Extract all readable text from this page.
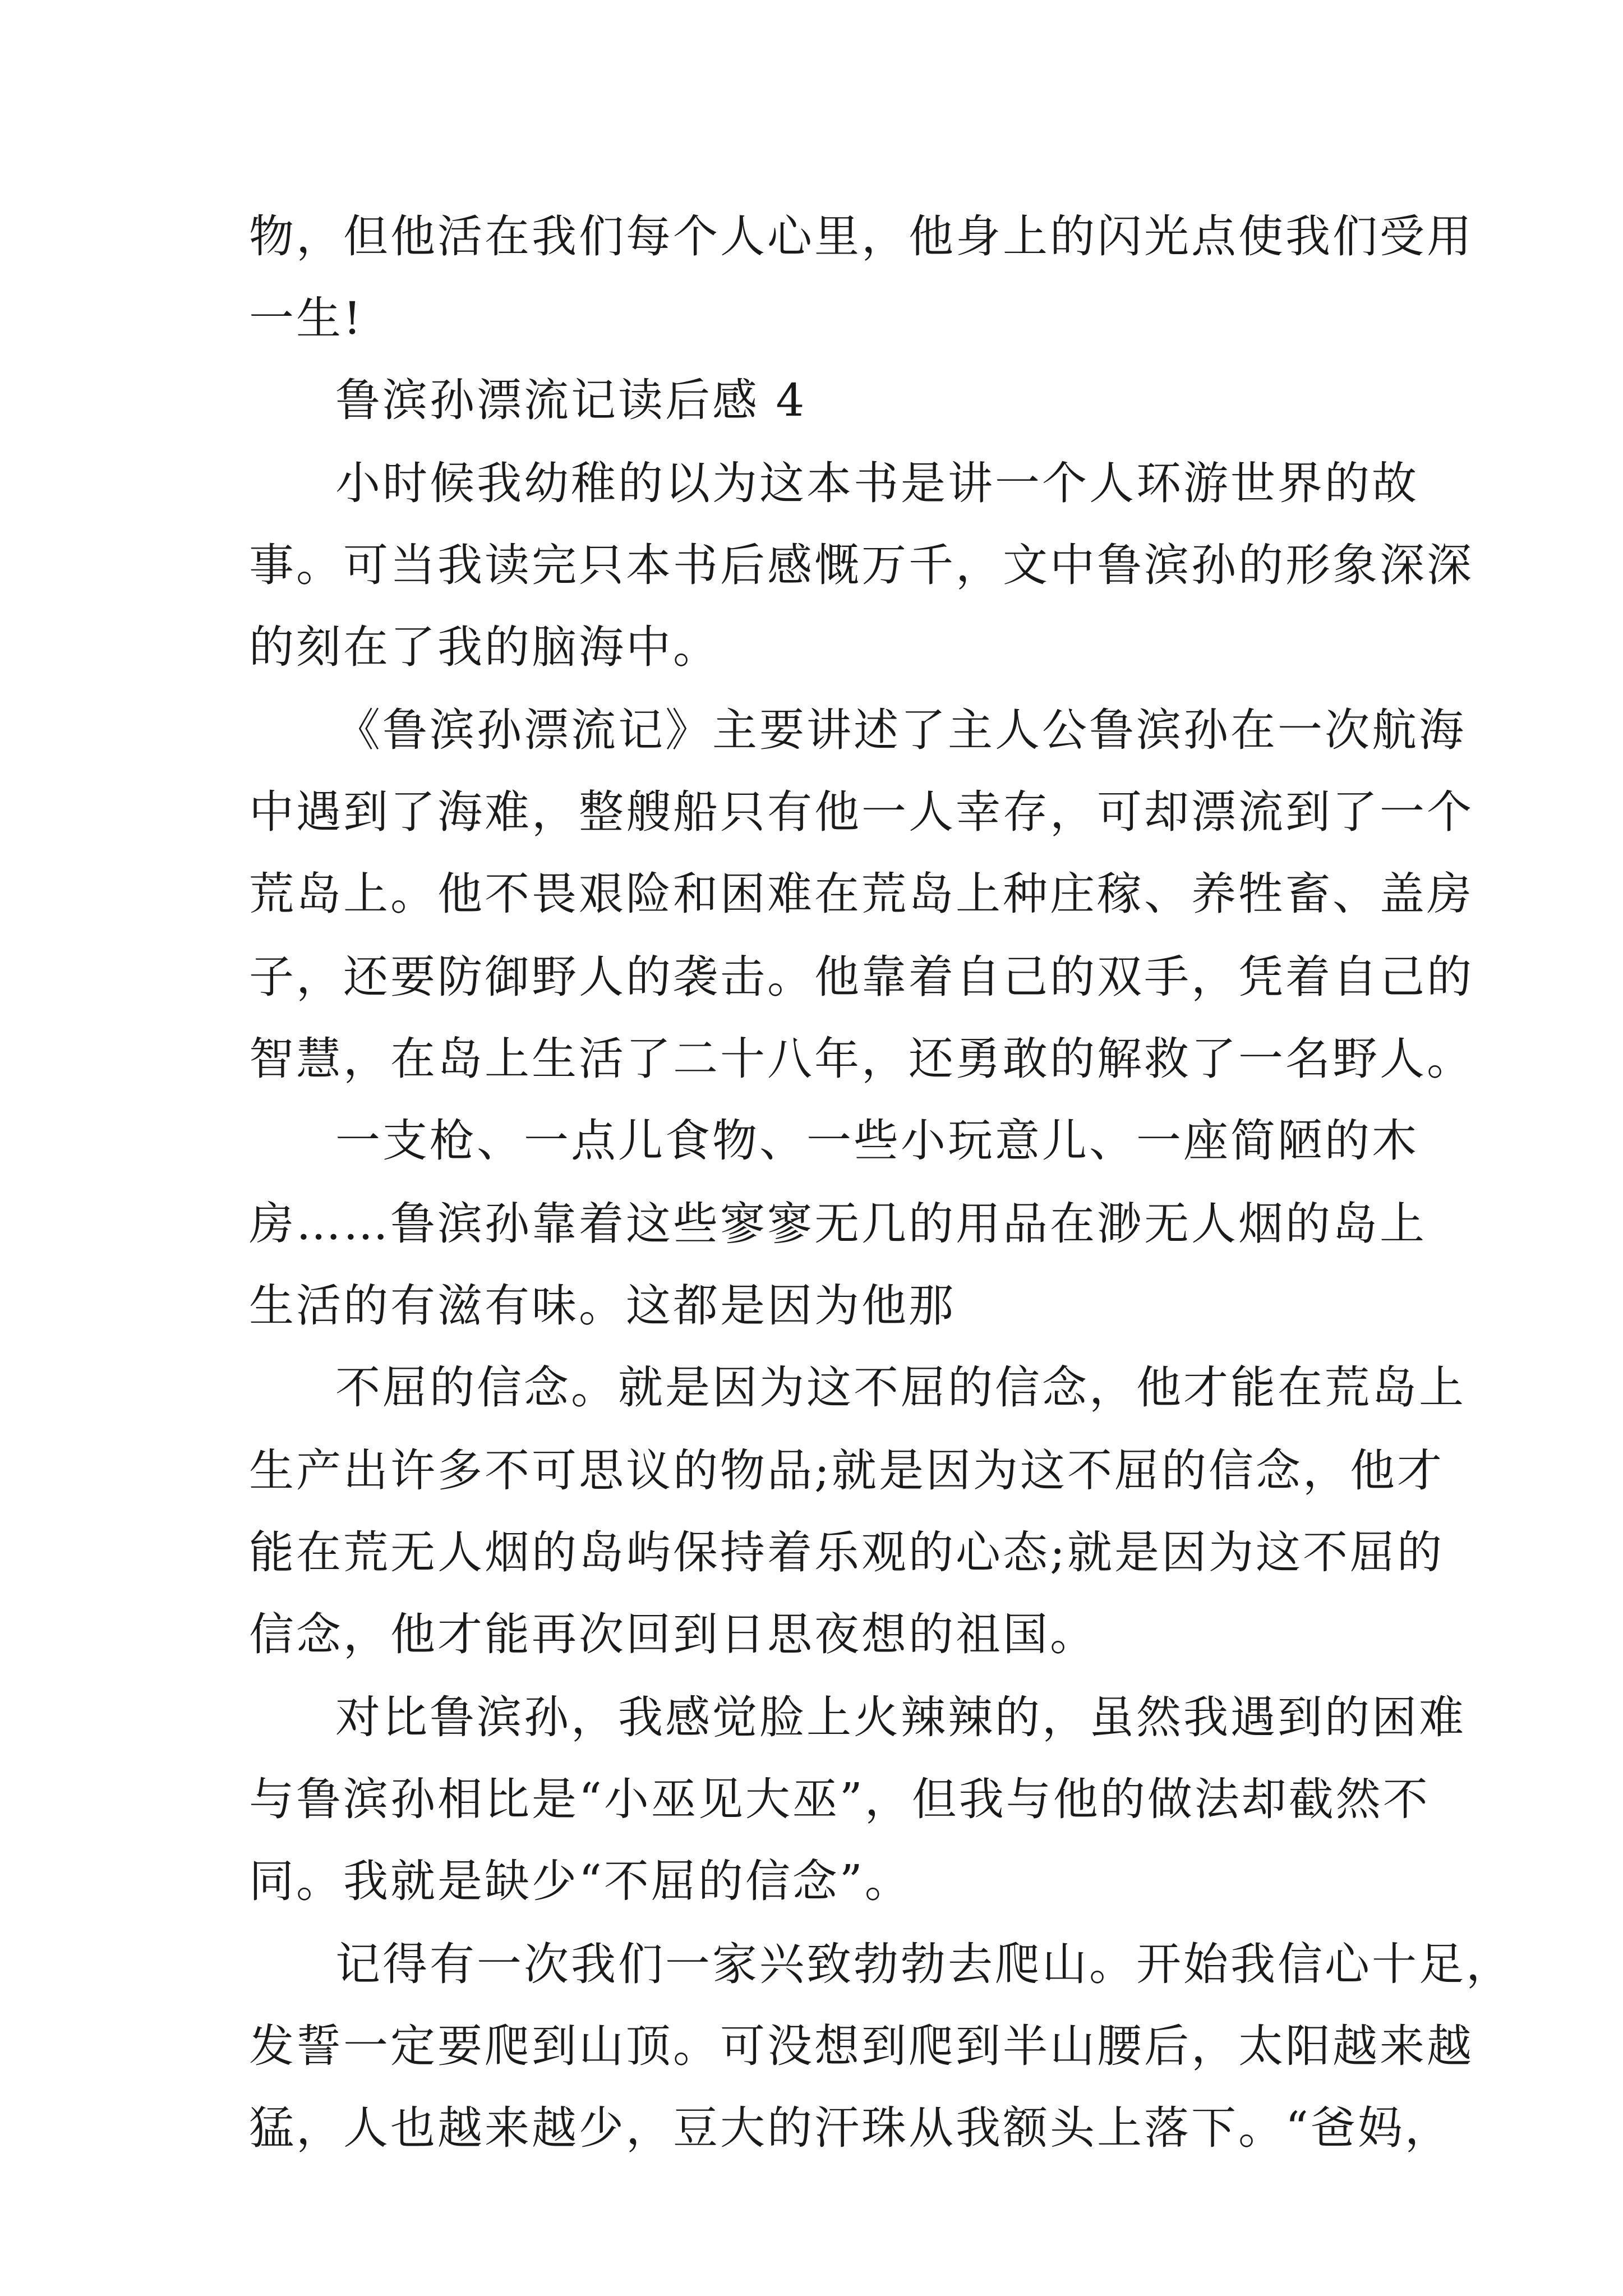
物，但他活在我们每个人心里，他身上的闪光点使我们受用
一生!
鲁滨孙漂流记读后感 4
小时候我幼稚的以为这本书是讲一个人环游世界的故
事。可当我读完只本书后感慨万千，文中鲁滨孙的形象深深
的刻在了我的脑海中。
《鲁滨孙漂流记》主要讲述了主人公鲁滨孙在一次航海
中遇到了海难，整艘船只有他一人幸存，可却漂流到了一个
荒岛上。他不畏艰险和困难在荒岛上种庄稼、养牲畜、盖房
子，还要防御野人的袭击。他靠着自己的双手，凭着自己的
智慧，在岛上生活了二十八年，还勇敢的解救了一名野人。
一支枪、一点儿食物、一些小玩意儿、一座简陋的木
房……鲁滨孙靠着这些寥寥无几的用品在渺无人烟的岛上
生活的有滋有味。这都是因为他那
不屈的信念。就是因为这不屈的信念，他才能在荒岛上
生产出许多不可思议的物品;就是因为这不屈的信念，他才
能在荒无人烟的岛屿保持着乐观的心态;就是因为这不屈的
信念，他才能再次回到日思夜想的祖国。
对比鲁滨孙，我感觉脸上火辣辣的，虽然我遇到的困难
与鲁滨孙相比是“小巫见大巫”，但我与他的做法却截然不
同。我就是缺少“不屈的信念”。
记得有一次我们一家兴致勃勃去爬山。开始我信心十足，
发誓一定要爬到山顶。可没想到爬到半山腰后，太阳越来越
猛，人也越来越少，豆大的汗珠从我额头上落下。“爸妈，
